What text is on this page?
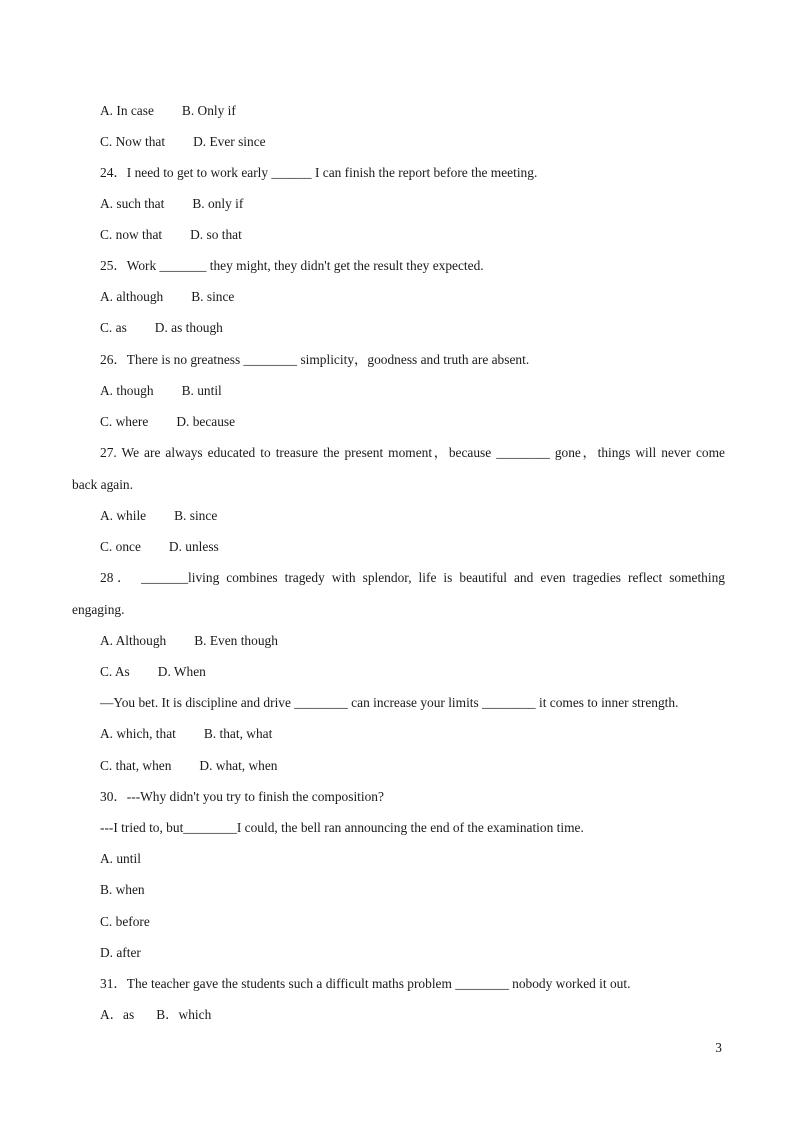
A. In case B. Only if
C. Now that D. Ever since
24．I need to get to work early ______ I can finish the report before the meeting.
A. such that B. only if
C. now that D. so that
25．Work _______ they might, they didn't get the result they expected.
A. although B. since
C. as D. as though
26．There is no greatness ________ simplicity，goodness and truth are absent.
A. though B. until
C. where D. because
27. We are always educated to treasure the present moment，because ________ gone，things will never come
back again.
A. while B. since
C. once D. unless
28． _______living combines tragedy with splendor, life is beautiful and even tragedies reflect something
engaging.
A. Although B. Even though
C. As D. When
—You bet. It is discipline and drive ________ can increase your limits ________ it comes to inner strength.
A. which, that B. that, what
C. that, when D. what, when
30．---Why didn't you try to finish the composition?
---I tried to, but________I could, the bell ran announcing the end of the examination time.
A. until
B. when
C. before
D. after
31．The teacher gave the students such a difficult maths problem ________ nobody worked it out.
A．as B．which
3
